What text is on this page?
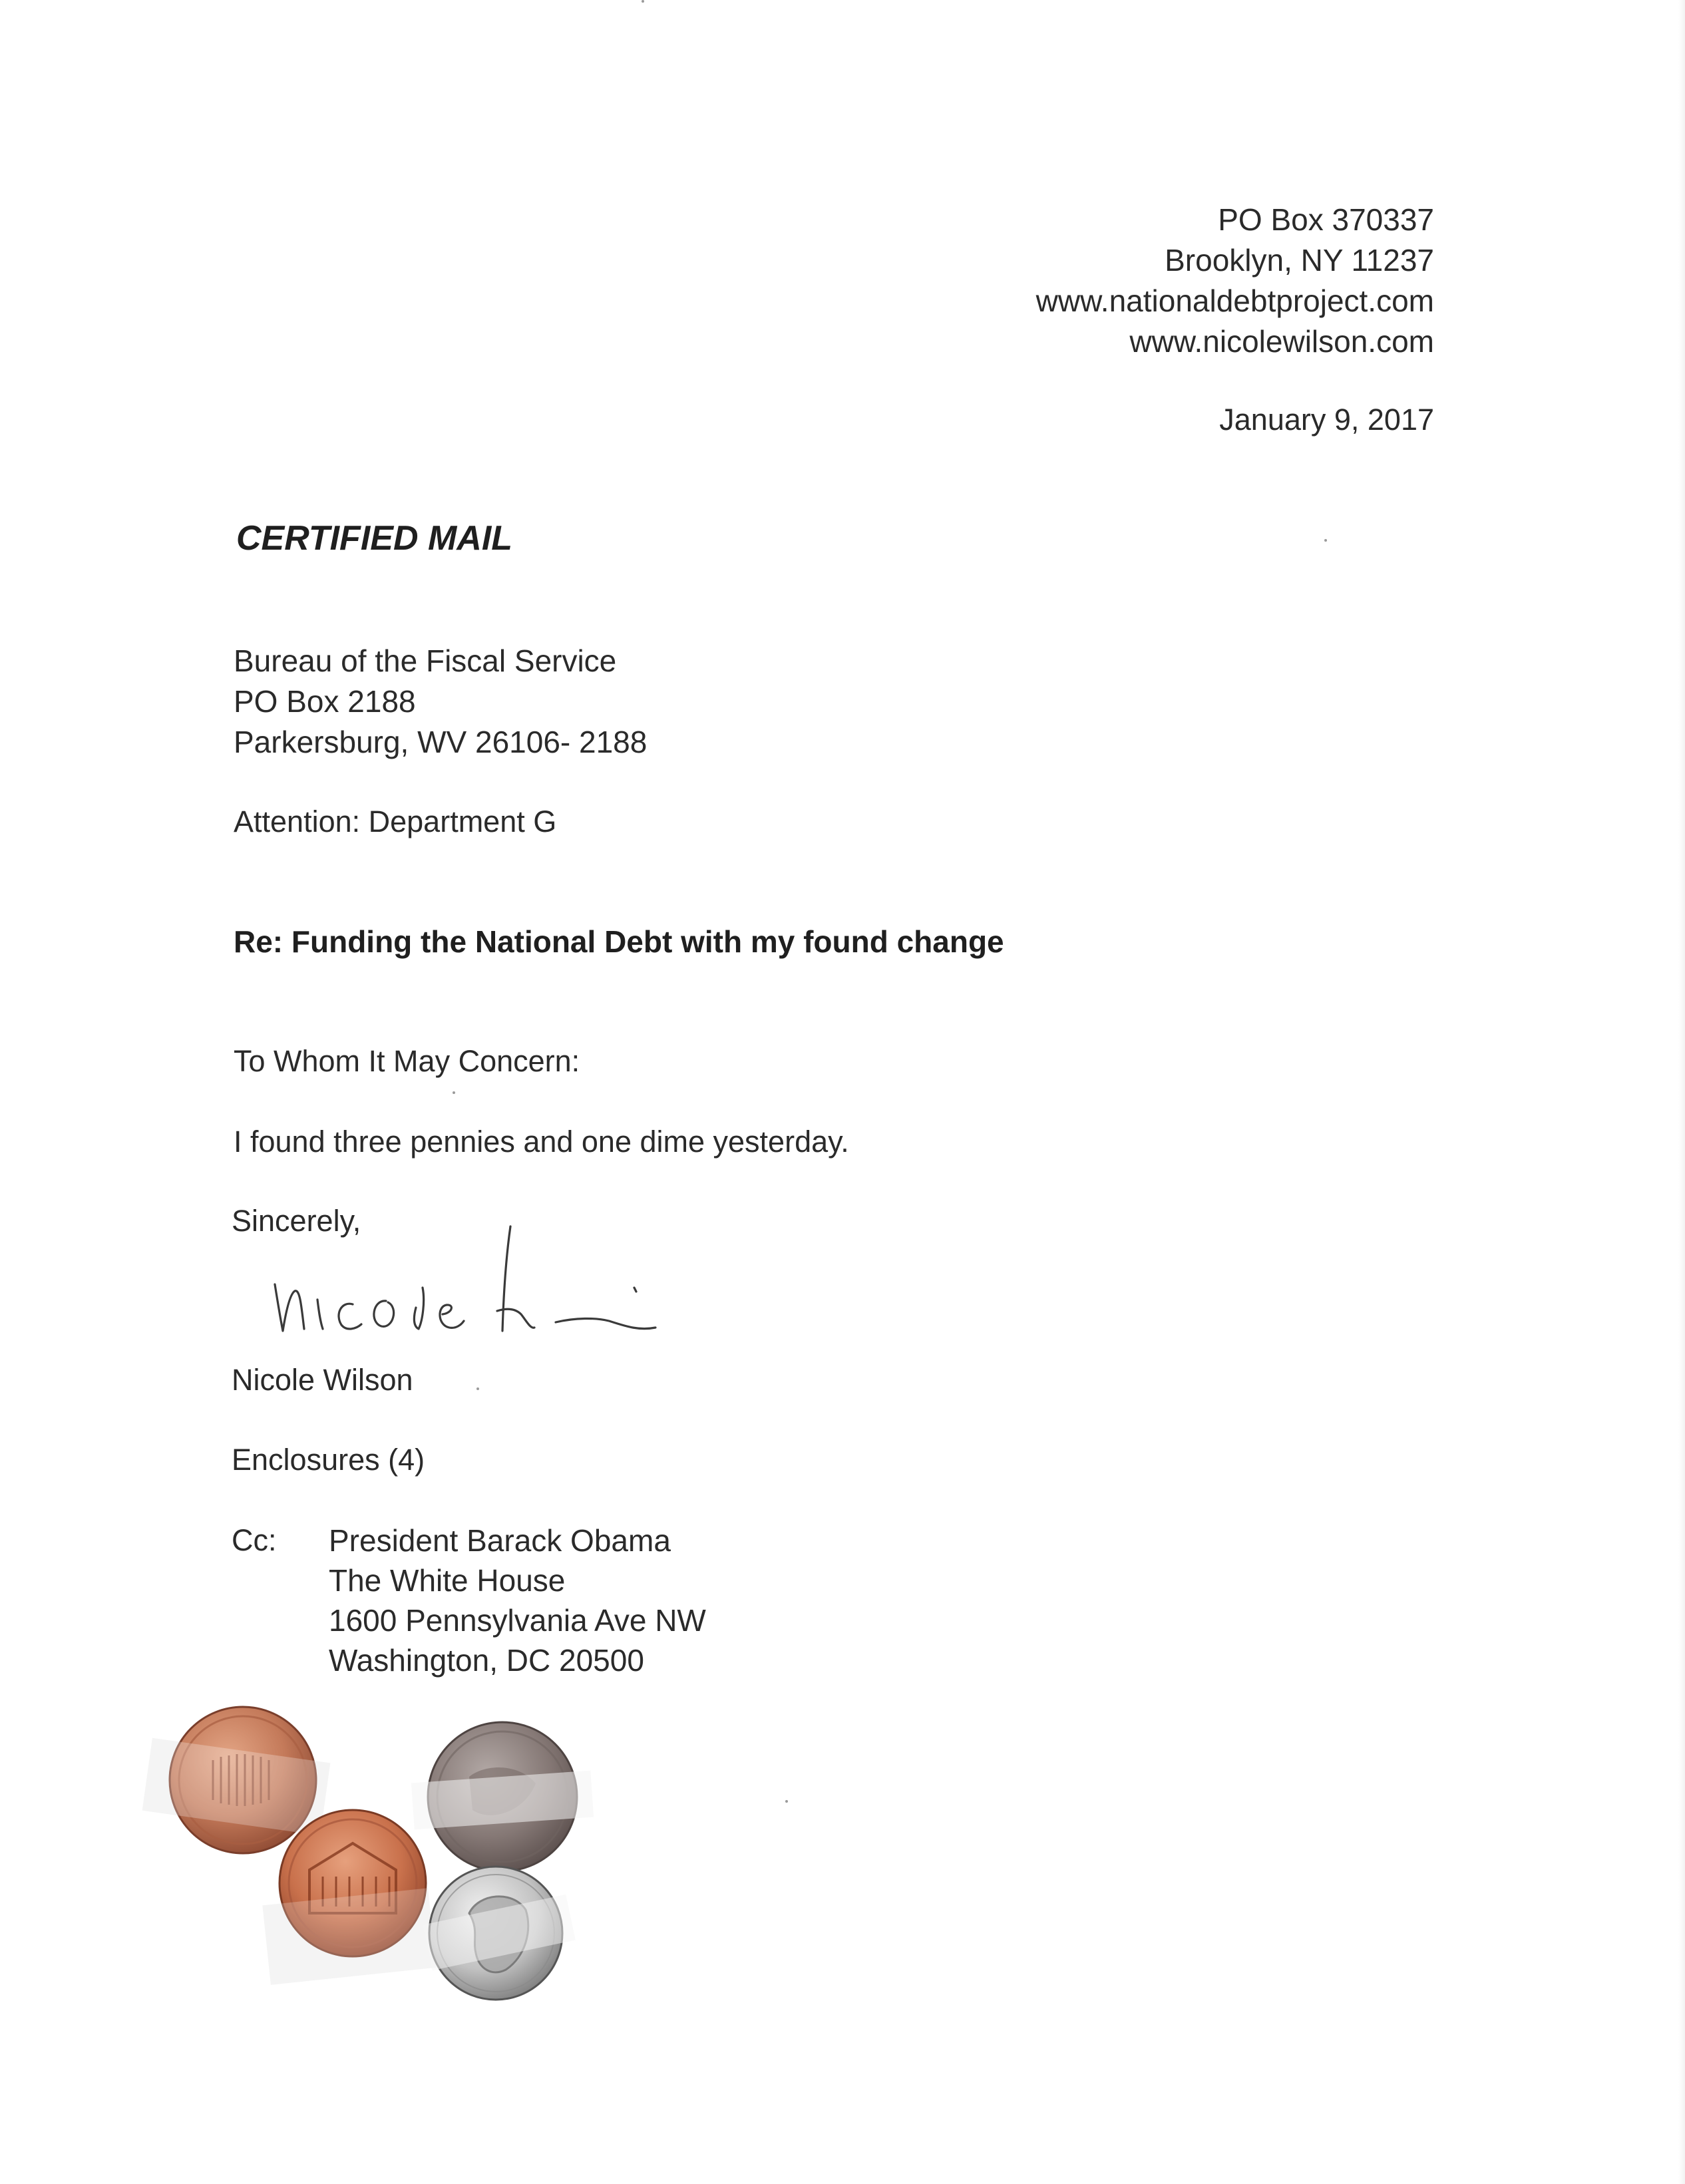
PO Box 370337
Brooklyn, NY 11237
www.nationaldebtproject.com
www.nicolewilson.com
January 9, 2017
CERTIFIED MAIL
Bureau of the Fiscal Service
PO Box 2188
Parkersburg, WV 26106- 2188
Attention: Department G
Re: Funding the National Debt with my found change
To Whom It May Concern:
I found three pennies and one dime yesterday.
Sincerely,
Nicole Wilson
Enclosures (4)
Cc: President Barack Obama
The White House
1600 Pennsylvania Ave NW
Washington, DC 20500
